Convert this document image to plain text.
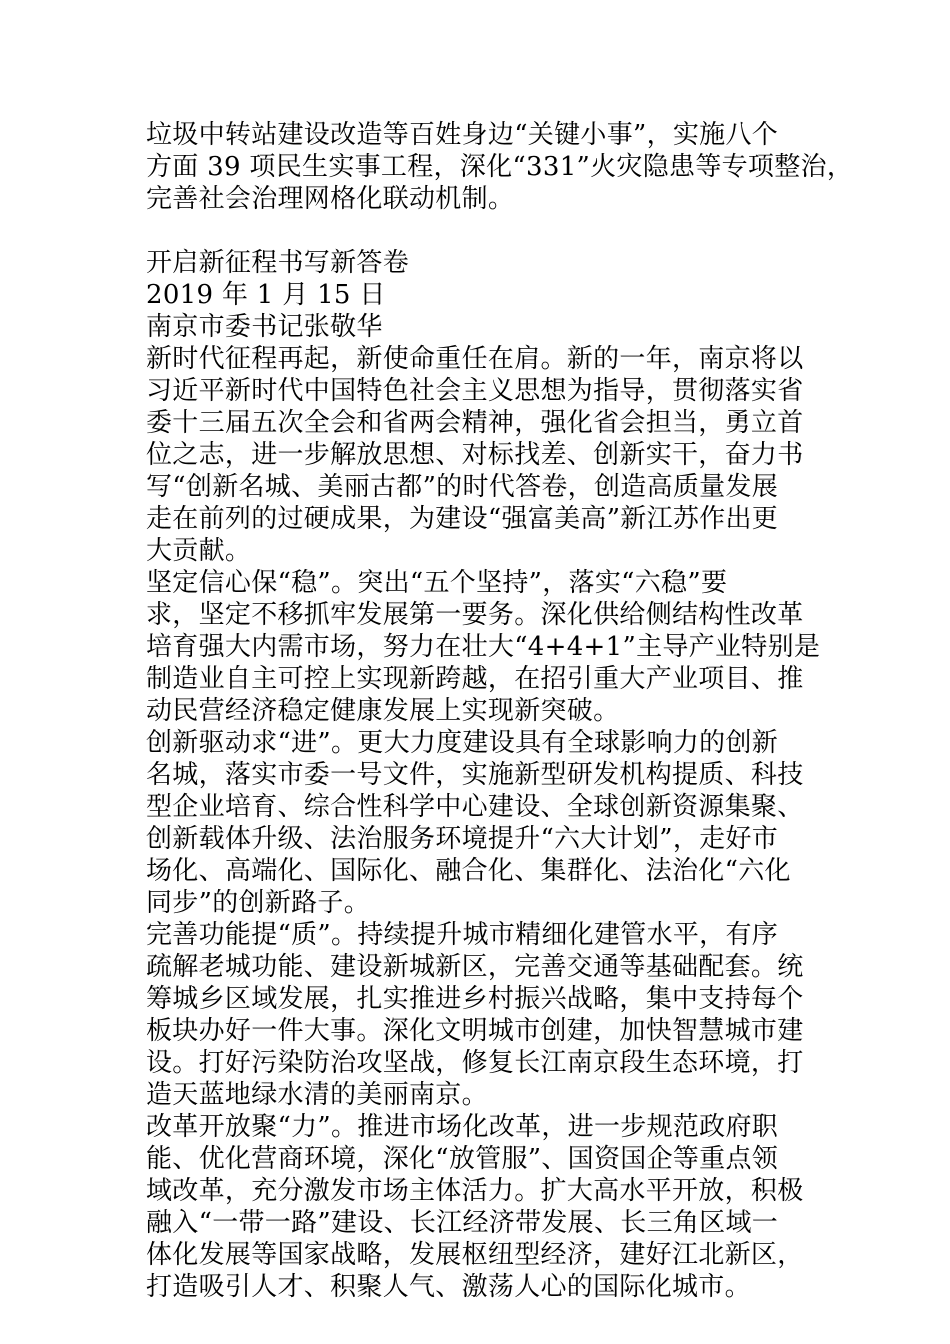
垃圾中转站建设改造等百姓身边“关键小事”，实施八个
方面 39 项民生实事工程，深化“331”火灾隐患等专项整治，
完善社会治理网格化联动机制。
开启新征程书写新答卷
2019 年 1 月 15 日
南京市委书记张敬华
新时代征程再起，新使命重任在肩。新的一年，南京将以
习近平新时代中国特色社会主义思想为指导，贯彻落实省
委十三届五次全会和省两会精神，强化省会担当，勇立首
位之志，进一步解放思想、对标找差、创新实干，奋力书
写“创新名城、美丽古都”的时代答卷，创造高质量发展
走在前列的过硬成果，为建设“强富美高”新江苏作出更
大贡献。
坚定信心保“稳”。突出“五个坚持”，落实“六稳”要
求，坚定不移抓牢发展第一要务。深化供给侧结构性改革
培育强大内需市场，努力在壮大“4+4+1”主导产业特别是
制造业自主可控上实现新跨越，在招引重大产业项目、推
动民营经济稳定健康发展上实现新突破。
创新驱动求“进”。更大力度建设具有全球影响力的创新
名城，落实市委一号文件，实施新型研发机构提质、科技
型企业培育、综合性科学中心建设、全球创新资源集聚、
创新载体升级、法治服务环境提升“六大计划”，走好市
场化、高端化、国际化、融合化、集群化、法治化“六化
同步”的创新路子。
完善功能提“质”。持续提升城市精细化建管水平，有序
疏解老城功能、建设新城新区，完善交通等基础配套。统
筹城乡区域发展，扎实推进乡村振兴战略，集中支持每个
板块办好一件大事。深化文明城市创建，加快智慧城市建
设。打好污染防治攻坚战，修复长江南京段生态环境，打
造天蓝地绿水清的美丽南京。
改革开放聚“力”。推进市场化改革，进一步规范政府职
能、优化营商环境，深化“放管服”、国资国企等重点领
域改革，充分激发市场主体活力。扩大高水平开放，积极
融入“一带一路”建设、长江经济带发展、长三角区域一
体化发展等国家战略，发展枢纽型经济，建好江北新区，
打造吸引人才、积聚人气、激荡人心的国际化城市。
